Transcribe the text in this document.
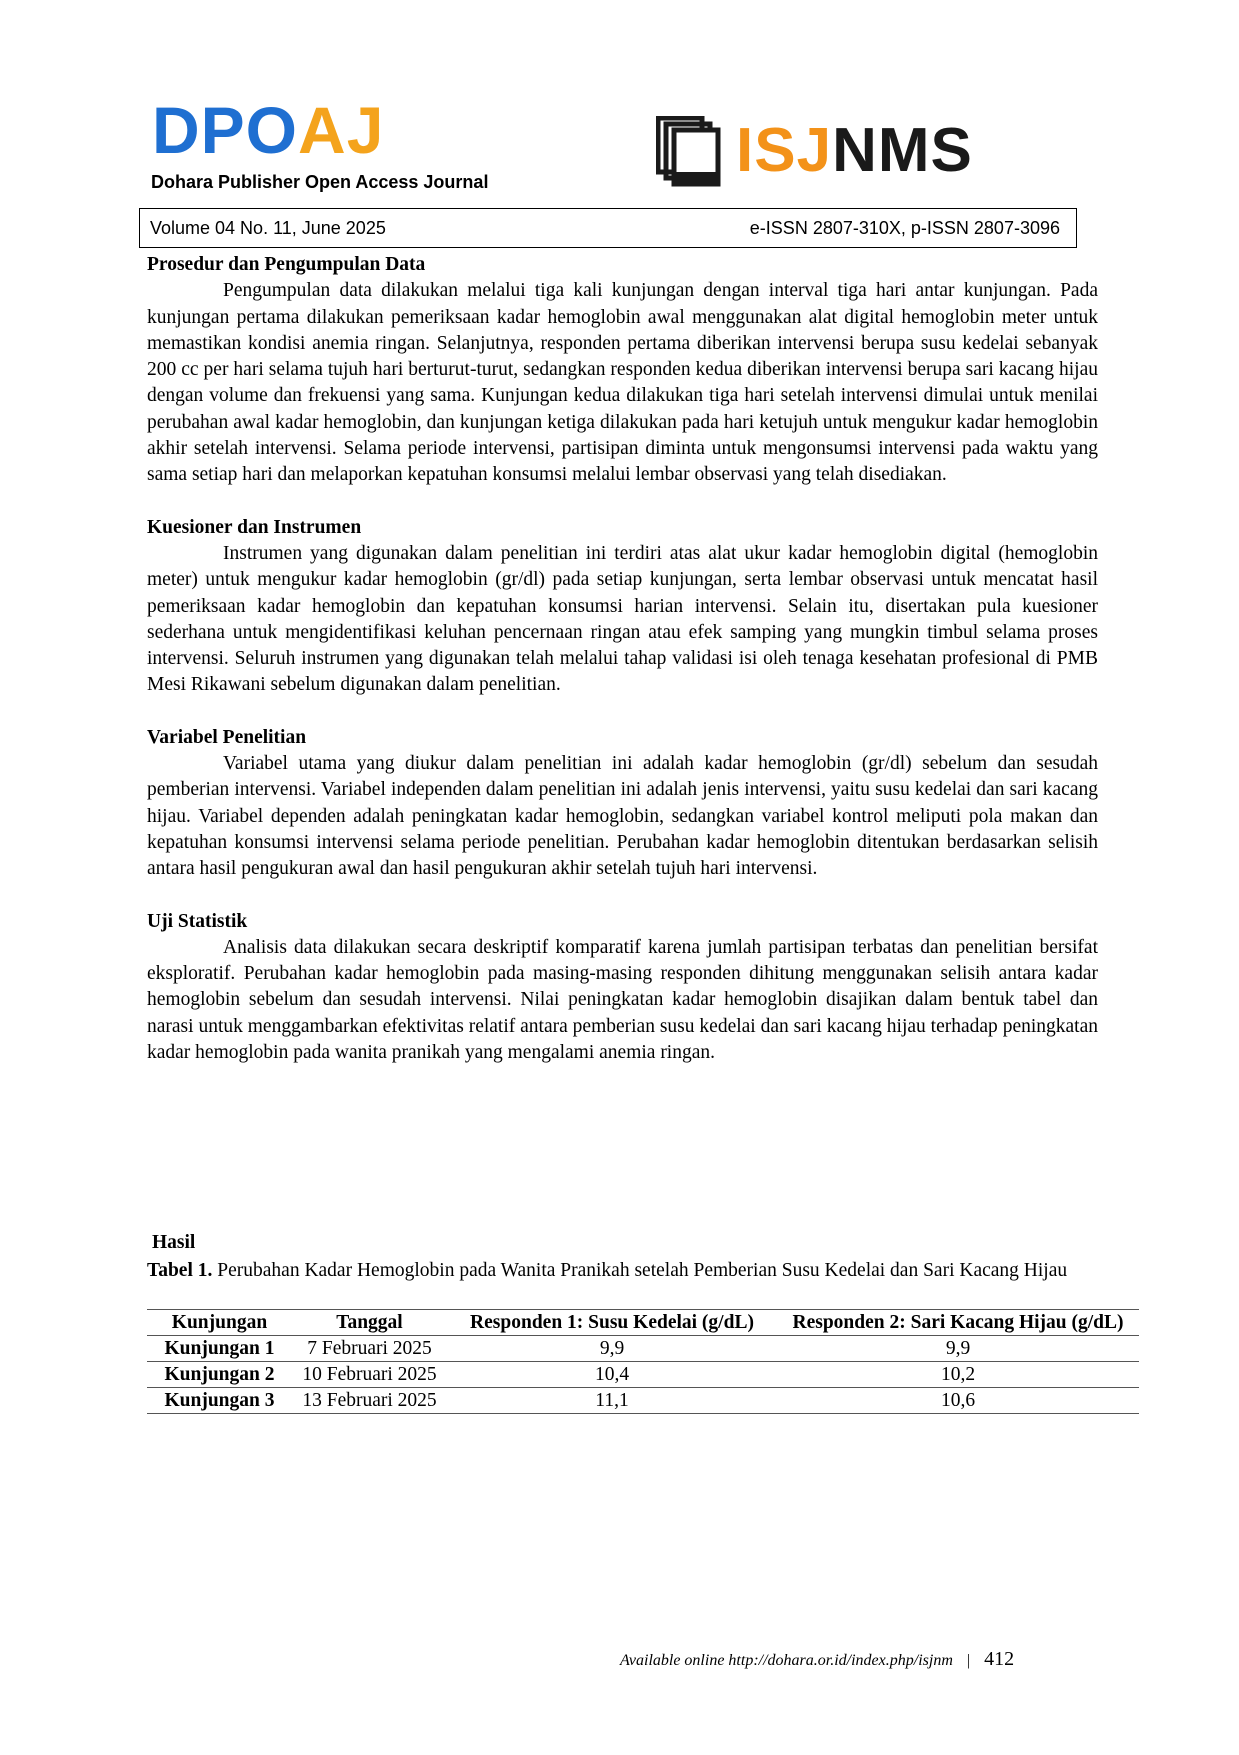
DPOAJ
Dohara Publisher Open Access Journal	ISJNMS
Volume 04 No. 11, June 2025	e-ISSN 2807-310X, p-ISSN 2807-3096
Prosedur dan Pengumpulan Data

Pengumpulan data dilakukan melalui tiga kali kunjungan dengan interval tiga hari antar kunjungan. Pada kunjungan pertama dilakukan pemeriksaan kadar hemoglobin awal menggunakan alat digital hemoglobin meter untuk memastikan kondisi anemia ringan. Selanjutnya, responden pertama diberikan intervensi berupa susu kedelai sebanyak 200 cc per hari selama tujuh hari berturut-turut, sedangkan responden kedua diberikan intervensi berupa sari kacang hijau dengan volume dan frekuensi yang sama. Kunjungan kedua dilakukan tiga hari setelah intervensi dimulai untuk menilai perubahan awal kadar hemoglobin, dan kunjungan ketiga dilakukan pada hari ketujuh untuk mengukur kadar hemoglobin akhir setelah intervensi. Selama periode intervensi, partisipan diminta untuk mengonsumsi intervensi pada waktu yang sama setiap hari dan melaporkan kepatuhan konsumsi melalui lembar observasi yang telah disediakan.

Kuesioner dan Instrumen

Instrumen yang digunakan dalam penelitian ini terdiri atas alat ukur kadar hemoglobin digital (hemoglobin meter) untuk mengukur kadar hemoglobin (gr/dl) pada setiap kunjungan, serta lembar observasi untuk mencatat hasil pemeriksaan kadar hemoglobin dan kepatuhan konsumsi harian intervensi. Selain itu, disertakan pula kuesioner sederhana untuk mengidentifikasi keluhan pencernaan ringan atau efek samping yang mungkin timbul selama proses intervensi. Seluruh instrumen yang digunakan telah melalui tahap validasi isi oleh tenaga kesehatan profesional di PMB Mesi Rikawani sebelum digunakan dalam penelitian.

Variabel Penelitian

Variabel utama yang diukur dalam penelitian ini adalah kadar hemoglobin (gr/dl) sebelum dan sesudah pemberian intervensi. Variabel independen dalam penelitian ini adalah jenis intervensi, yaitu susu kedelai dan sari kacang hijau. Variabel dependen adalah peningkatan kadar hemoglobin, sedangkan variabel kontrol meliputi pola makan dan kepatuhan konsumsi intervensi selama periode penelitian. Perubahan kadar hemoglobin ditentukan berdasarkan selisih antara hasil pengukuran awal dan hasil pengukuran akhir setelah tujuh hari intervensi.

Uji Statistik

Analisis data dilakukan secara deskriptif komparatif karena jumlah partisipan terbatas dan penelitian bersifat eksploratif. Perubahan kadar hemoglobin pada masing-masing responden dihitung menggunakan selisih antara kadar hemoglobin sebelum dan sesudah intervensi. Nilai peningkatan kadar hemoglobin disajikan dalam bentuk tabel dan narasi untuk menggambarkan efektivitas relatif antara pemberian susu kedelai dan sari kacang hijau terhadap peningkatan kadar hemoglobin pada wanita pranikah yang mengalami anemia ringan.

Hasil
Tabel 1. Perubahan Kadar Hemoglobin pada Wanita Pranikah setelah Pemberian Susu Kedelai dan Sari Kacang Hijau
Kunjungan	Tanggal	Responden 1: Susu Kedelai (g/dL)	Responden 2: Sari Kacang Hijau (g/dL)
Kunjungan 1	7 Februari 2025	9,9	9,9
Kunjungan 2	10 Februari 2025	10,4	10,2
Kunjungan 3	13 Februari 2025	11,1	10,6
Available online http://dohara.or.id/index.php/isjnm | 412
